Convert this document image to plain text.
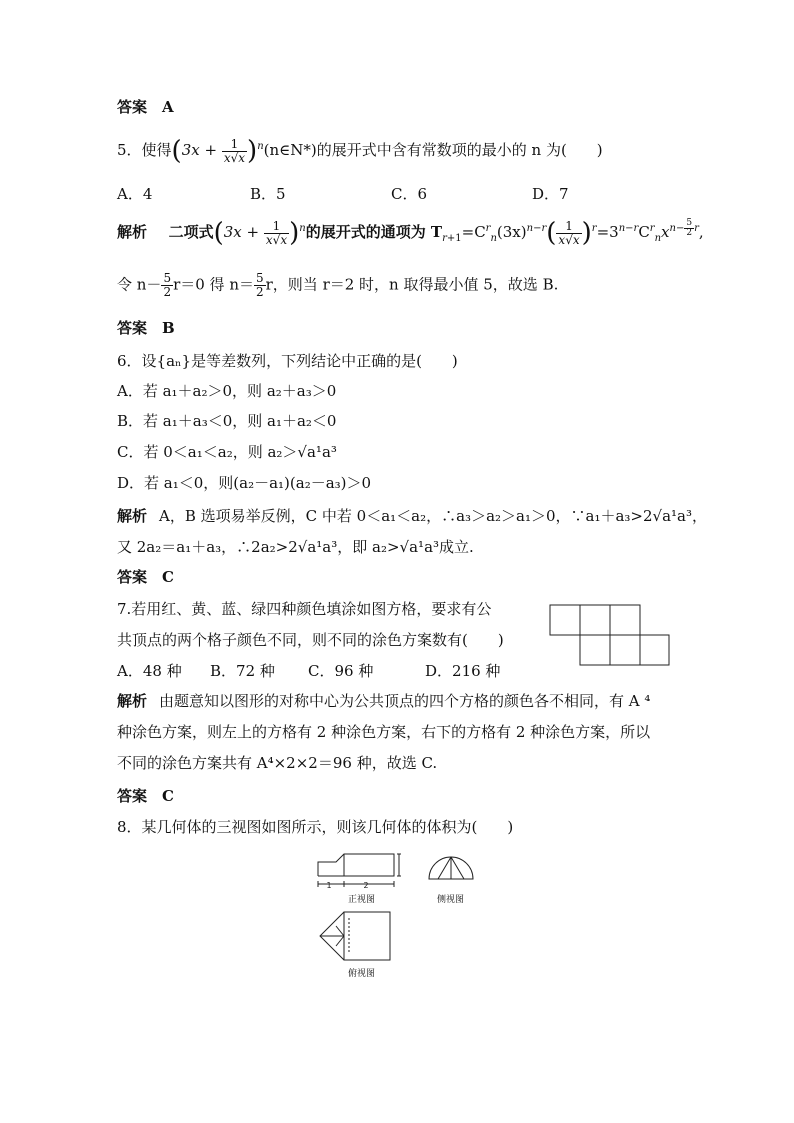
答案　A
5．使得($3x + \frac{1}{x√x}$ )$^n(n\in N*)$的展开式中含有常数项的最小的 n 为(　　)
A．4	B．5	C．6	D．7
解析 二项式$(3x + \frac{1}{x√x} )^n$的展开式的通项为 $T_{r+1}=C^r_n(3x)^{n-r}( \frac{1}{x√x} )^r=3^{n-r}C^r_nx^{n- \frac{5}{2} r}$,
令 $n- \frac{5}{2} r=0$ 得 $n= \frac{5}{2}$ r，则当 r＝2 时，n 取得最小值 5，故选 B.
答案　B
6．设{aₙ}是等差数列，下列结论中正确的是(　　)
A．若 a₁＋a₂＞0，则 a₂＋a₃＞0
B．若 a₁＋a₃＜0，则 a₁＋a₂＜0
C．若 0＜a₁＜a₂，则 a₂＞√a¹a³
D．若 a₁＜0，则(a₂－a₁)(a₂－a₃)＞0
解析 A，B 选项易举反例，C 中若 0＜a₁＜a₂，∴a₃＞a₂＞a₁＞0，∵a₁＋a₃>2√a¹a³，
又 2a₂＝a₁＋a₃，∴2a₂>2√a¹a³，即 a₂>√a¹a³成立.
答案　C
7.若用红、黄、蓝、绿四种颜色填涂如图方格，要求有公
共顶点的两个格子颜色不同，则不同的涂色方案数有(　　)
A．48 种 B．72 种 C．96 种	D．216 种
解析 由题意知以图形的对称中心为公共顶点的四个方格的颜色各不相同，有 A ⁴
种涂色方案，则左上的方格有 2 种涂色方案，右下的方格有 2 种涂色方案，所以
不同的涂色方案共有 A⁴×2×2＝96 种，故选 C.
答案　C
8．某几何体的三视图如图所示，则该几何体的体积为(　　)
1	2
正视图	侧视图
俯视图
